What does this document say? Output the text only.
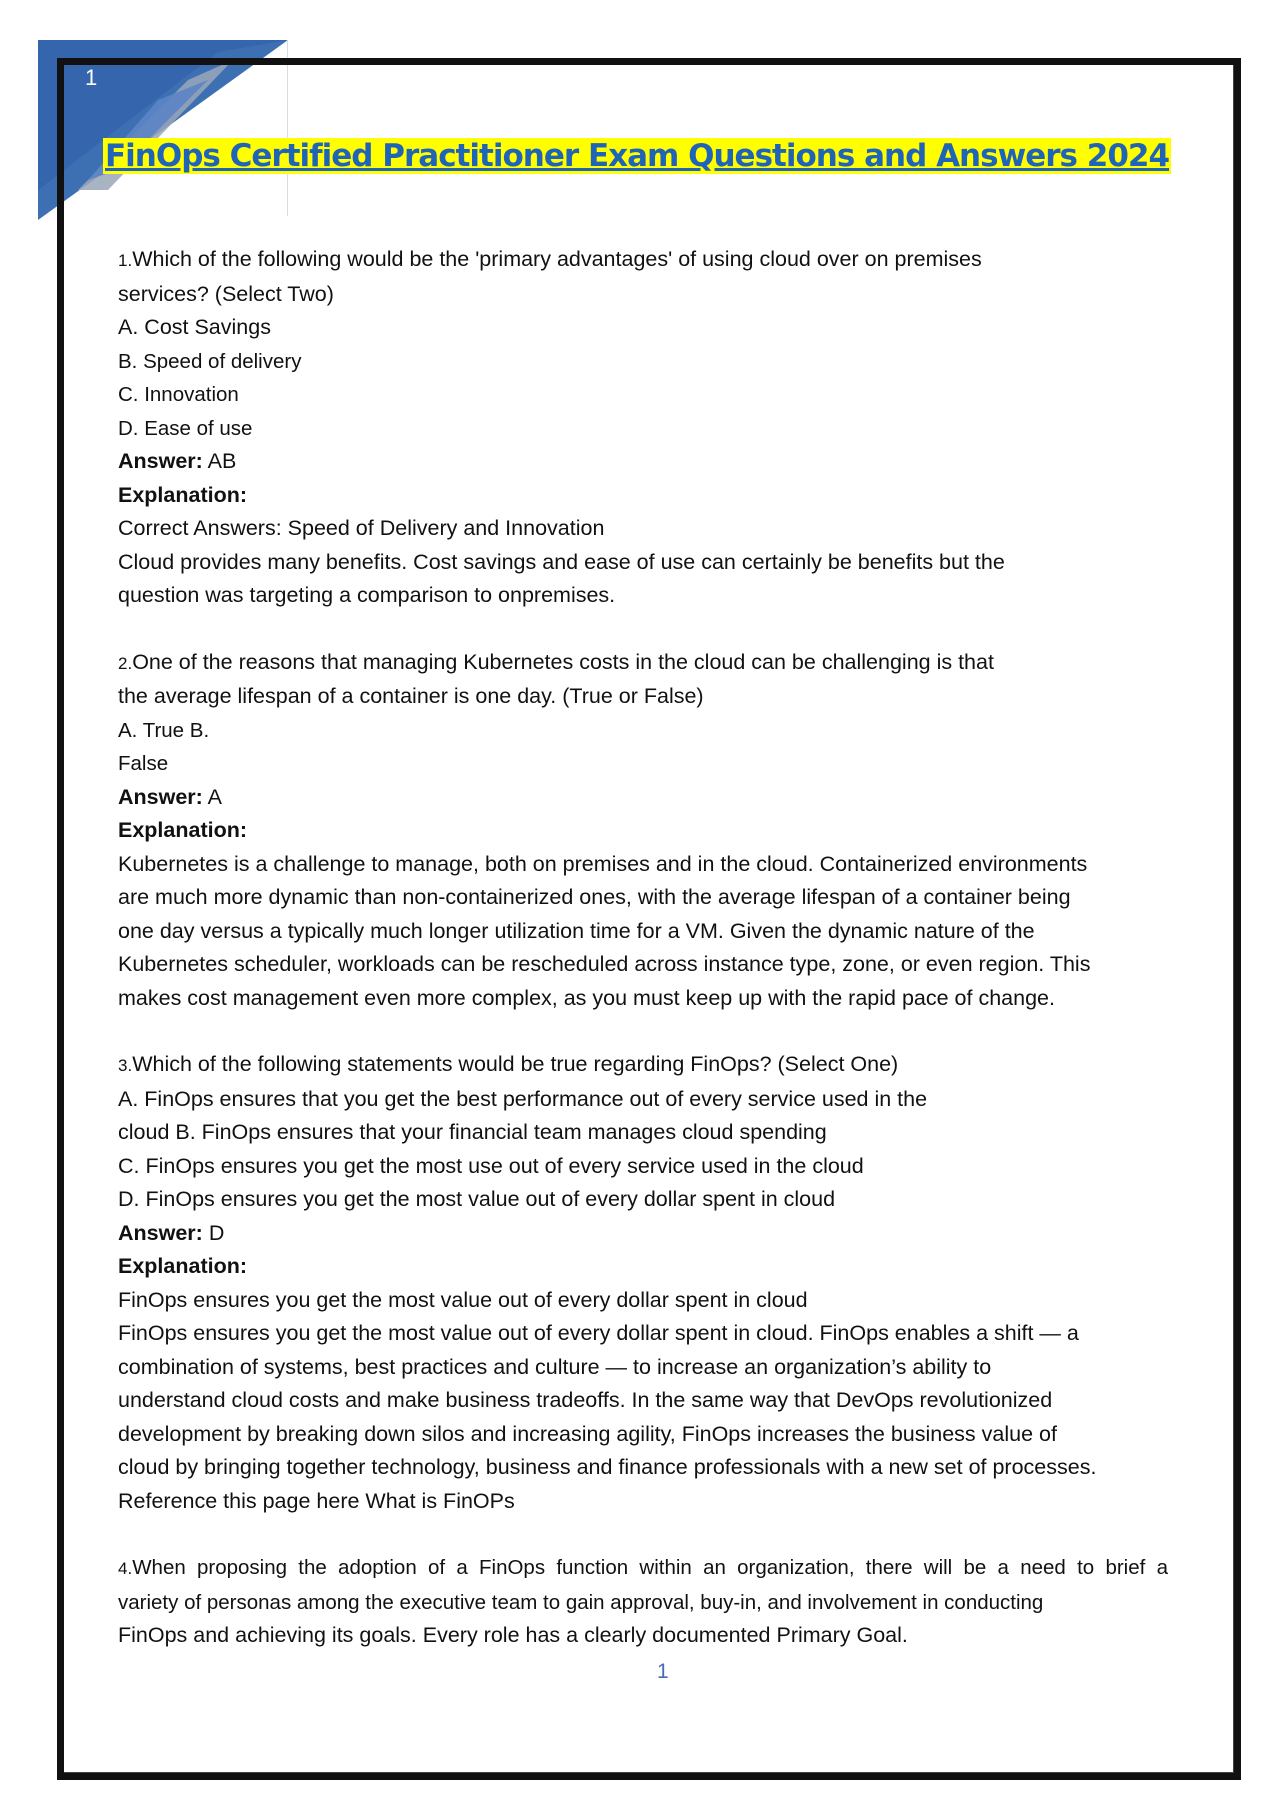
1
FinOps Certified Practitioner Exam Questions and Answers 2024
1.Which of the following would be the 'primary advantages' of using cloud over on premises
services? (Select Two)
A. Cost Savings
B. Speed of delivery
C. Innovation
D. Ease of use
Answer: AB
Explanation:
Correct Answers: Speed of Delivery and Innovation
Cloud provides many benefits. Cost savings and ease of use can certainly be benefits but the
question was targeting a comparison to onpremises.
2.One of the reasons that managing Kubernetes costs in the cloud can be challenging is that
the average lifespan of a container is one day. (True or False)
A. True B.
False
Answer: A
Explanation:
Kubernetes is a challenge to manage, both on premises and in the cloud. Containerized environments
are much more dynamic than non-containerized ones, with the average lifespan of a container being
one day versus a typically much longer utilization time for a VM. Given the dynamic nature of the
Kubernetes scheduler, workloads can be rescheduled across instance type, zone, or even region. This
makes cost management even more complex, as you must keep up with the rapid pace of change.
3.Which of the following statements would be true regarding FinOps? (Select One)
A. FinOps ensures that you get the best performance out of every service used in the
cloud B. FinOps ensures that your financial team manages cloud spending
C. FinOps ensures you get the most use out of every service used in the cloud
D. FinOps ensures you get the most value out of every dollar spent in cloud
Answer: D
Explanation:
FinOps ensures you get the most value out of every dollar spent in cloud
FinOps ensures you get the most value out of every dollar spent in cloud. FinOps enables a shift — a
combination of systems, best practices and culture — to increase an organization’s ability to
understand cloud costs and make business tradeoffs. In the same way that DevOps revolutionized
development by breaking down silos and increasing agility, FinOps increases the business value of
cloud by bringing together technology, business and finance professionals with a new set of processes.
Reference this page here What is FinOPs
4.When proposing the adoption of a FinOps function within an organization, there will be a need to brief a
variety of personas among the executive team to gain approval, buy-in, and involvement in conducting
FinOps and achieving its goals. Every role has a clearly documented Primary Goal.
1
